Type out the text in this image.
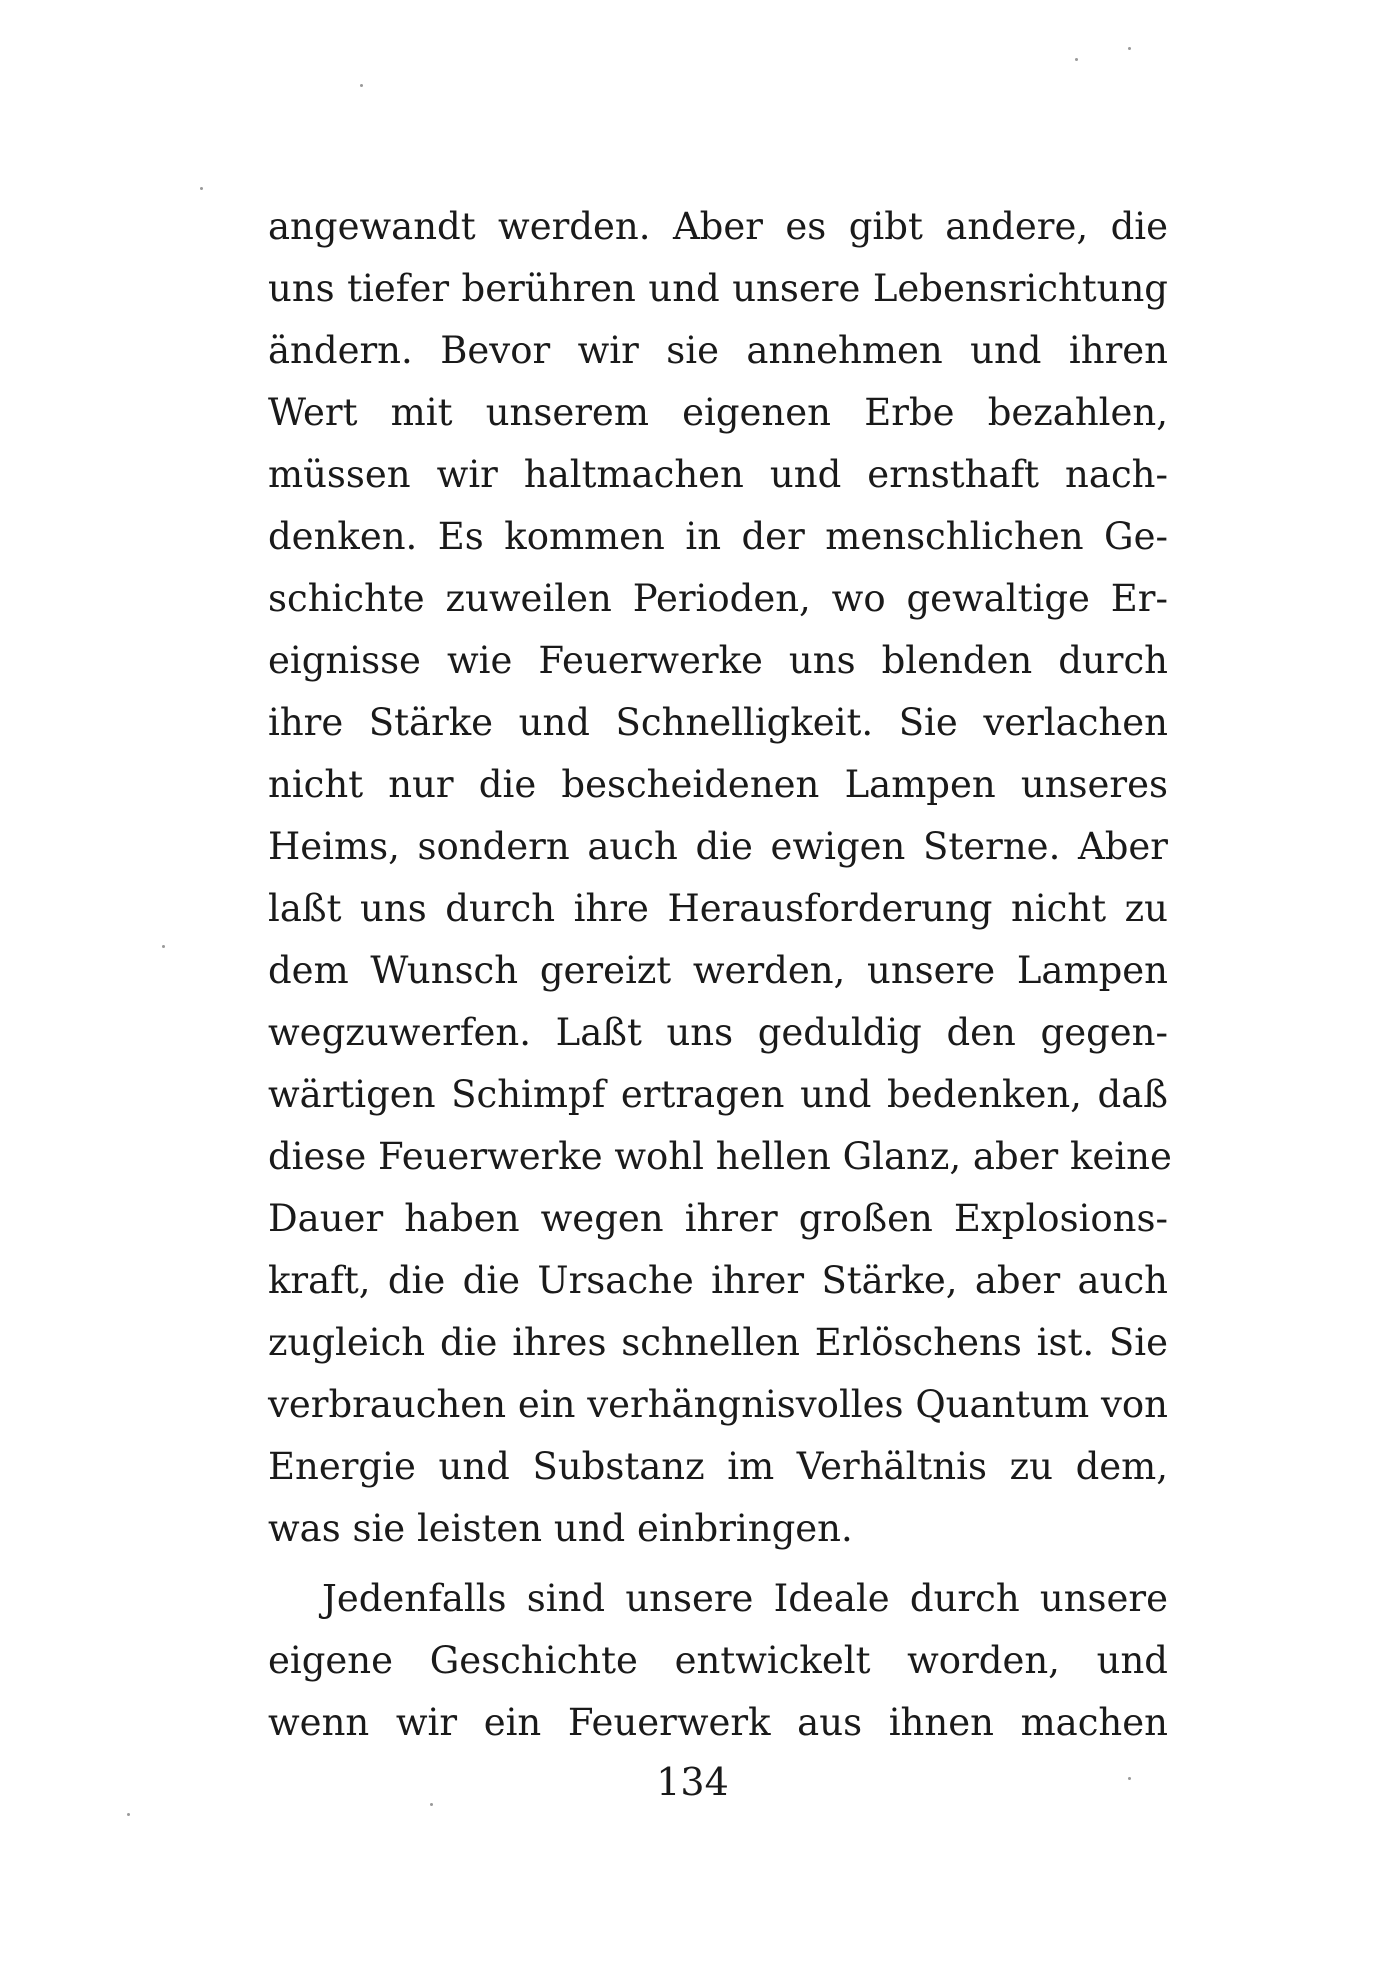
angewandt werden. Aber es gibt andere, die
uns tiefer berühren und unsere Lebensrichtung
ändern. Bevor wir sie annehmen und ihren
Wert mit unserem eigenen Erbe bezahlen,
müssen wir haltmachen und ernsthaft nach-
denken. Es kommen in der menschlichen Ge-
schichte zuweilen Perioden, wo gewaltige Er-
eignisse wie Feuerwerke uns blenden durch
ihre Stärke und Schnelligkeit. Sie verlachen
nicht nur die bescheidenen Lampen unseres
Heims, sondern auch die ewigen Sterne. Aber
laßt uns durch ihre Herausforderung nicht zu
dem Wunsch gereizt werden, unsere Lampen
wegzuwerfen. Laßt uns geduldig den gegen-
wärtigen Schimpf ertragen und bedenken, daß
diese Feuerwerke wohl hellen Glanz, aber keine
Dauer haben wegen ihrer großen Explosions-
kraft, die die Ursache ihrer Stärke, aber auch
zugleich die ihres schnellen Erlöschens ist. Sie
verbrauchen ein verhängnisvolles Quantum von
Energie und Substanz im Verhältnis zu dem,
was sie leisten und einbringen.
Jedenfalls sind unsere Ideale durch unsere
eigene Geschichte entwickelt worden, und
wenn wir ein Feuerwerk aus ihnen machen
134
